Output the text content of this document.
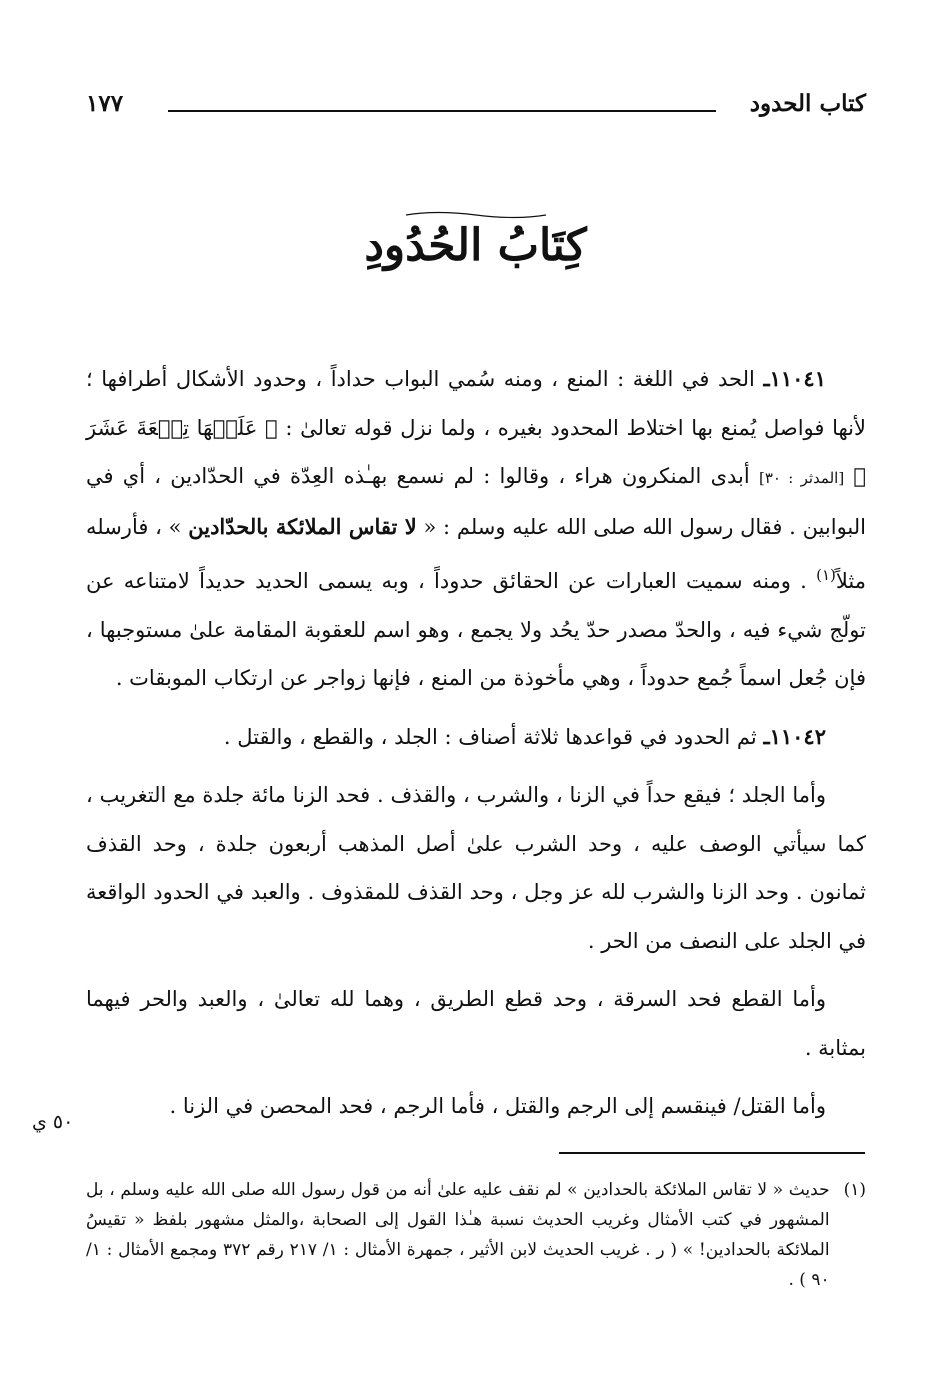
كتاب الحدود
١٧٧
كِتَابُ الحُدُودِ

١١٠٤١ـ الحد في اللغة : المنع ، ومنه سُمي البواب حداداً ، وحدود الأشكال أطرافها ؛ لأنها فواصل يُمنع بها اختلاط المحدود بغيره ، ولما نزل قوله تعالىٰ : ﴿ عَلَيۡهَا تِسۡعَةَ عَشَرَ ﴾ [المدثر : ٣٠] أبدى المنكرون هراء ، وقالوا : لم نسمع بهـٰذه العِدّة في الحدّادين ، أي في البوابين . فقال رسول الله صلى الله عليه وسلم : « لا تقاس الملائكة بالحدّادين » ، فأرسله مثلاً$^{(١)}$ . ومنه سميت العبارات عن الحقائق حدوداً ، وبه يسمى الحديد حديداً لامتناعه عن تولّج شيء فيه ، والحدّ مصدر حدّ يحُد ولا يجمع ، وهو اسم للعقوبة المقامة علىٰ مستوجبها ، فإن جُعل اسماً جُمع حدوداً ، وهي مأخوذة من المنع ، فإنها زواجر عن ارتكاب الموبقات .

١١٠٤٢ـ ثم الحدود في قواعدها ثلاثة أصناف : الجلد ، والقطع ، والقتل .

وأما الجلد ؛ فيقع حداً في الزنا ، والشرب ، والقذف . فحد الزنا مائة جلدة مع التغريب ، كما سيأتي الوصف عليه ، وحد الشرب علىٰ أصل المذهب أربعون جلدة ، وحد القذف ثمانون . وحد الزنا والشرب لله عز وجل ، وحد القذف للمقذوف . والعبد في الحدود الواقعة في الجلد على النصف من الحر .

وأما القطع فحد السرقة ، وحد قطع الطريق ، وهما لله تعالىٰ ، والعبد والحر فيهما بمثابة .

وأما القتل/ فينقسم إلى الرجم والقتل ، فأما الرجم ، فحد المحصن في الزنا .

٥٠ ي
(١)
حديث « لا تقاس الملائكة بالحدادين » لم نقف عليه علىٰ أنه من قول رسول الله صلى الله عليه وسلم ، بل المشهور في كتب الأمثال وغريب الحديث نسبة هـٰذا القول إلى الصحابة ،والمثل مشهور بلفظ « تقيسُ الملائكة بالحدادين! » ( ر . غريب الحديث لابن الأثير ، جمهرة الأمثال : ١/ ٢١٧ رقم ٣٧٢ ومجمع الأمثال : ١/ ٩٠ ) .
